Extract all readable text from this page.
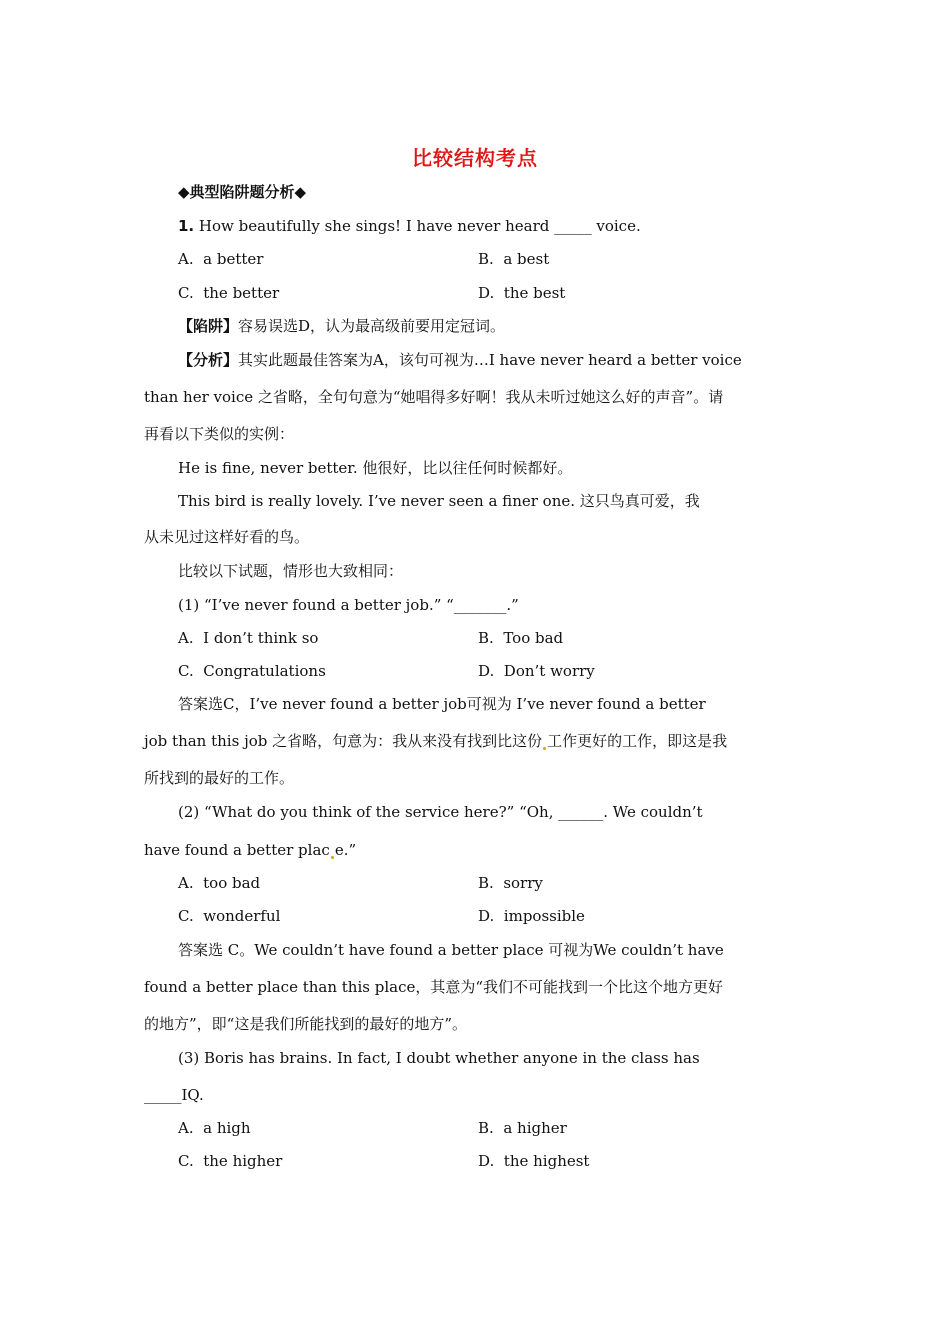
比较结构考点
◆典型陷阱题分析◆
1. How beautifully she sings! I have never heard _____ voice.
A.  a better	B.  a best
C.  the better	D.  the best
【陷阱】容易误选D，认为最高级前要用定冠词。
【分析】其实此题最佳答案为A，该句可视为…I have never heard a better voice
than her voice 之省略，全句句意为“她唱得多好啊！我从未听过她这么好的声音”。请
再看以下类似的实例：
He is fine, never better. 他很好，比以往任何时候都好。
This bird is really lovely. I’ve never seen a finer one. 这只鸟真可爱，我
从未见过这样好看的鸟。
比较以下试题，情形也大致相同：
(1) “I’ve never found a better job.” “_______.”
A.  I don’t think so	B.  Too bad
C.  Congratulations	D.  Don’t worry
答案选C，I’ve never found a better job可视为 I’ve never found a better
job than this job 之省略，句意为：我从来没有找到比这份 工作更好的工作，即这是我
所找到的最好的工作。
(2) “What do you think of the service here?” “Oh, ______. We couldn’t
have found a better plac e.”
A.  too bad	B.  sorry
C.  wonderful	D.  impossible
答案选 C。We couldn’t have found a better place 可视为We couldn’t have
found a better place than this place，其意为“我们不可能找到一个比这个地方更好
的地方”，即“这是我们所能找到的最好的地方”。
(3) Boris has brains. In fact, I doubt whether anyone in the class has
_____IQ.
A.  a high	B.  a higher
C.  the higher	D.  the highest
